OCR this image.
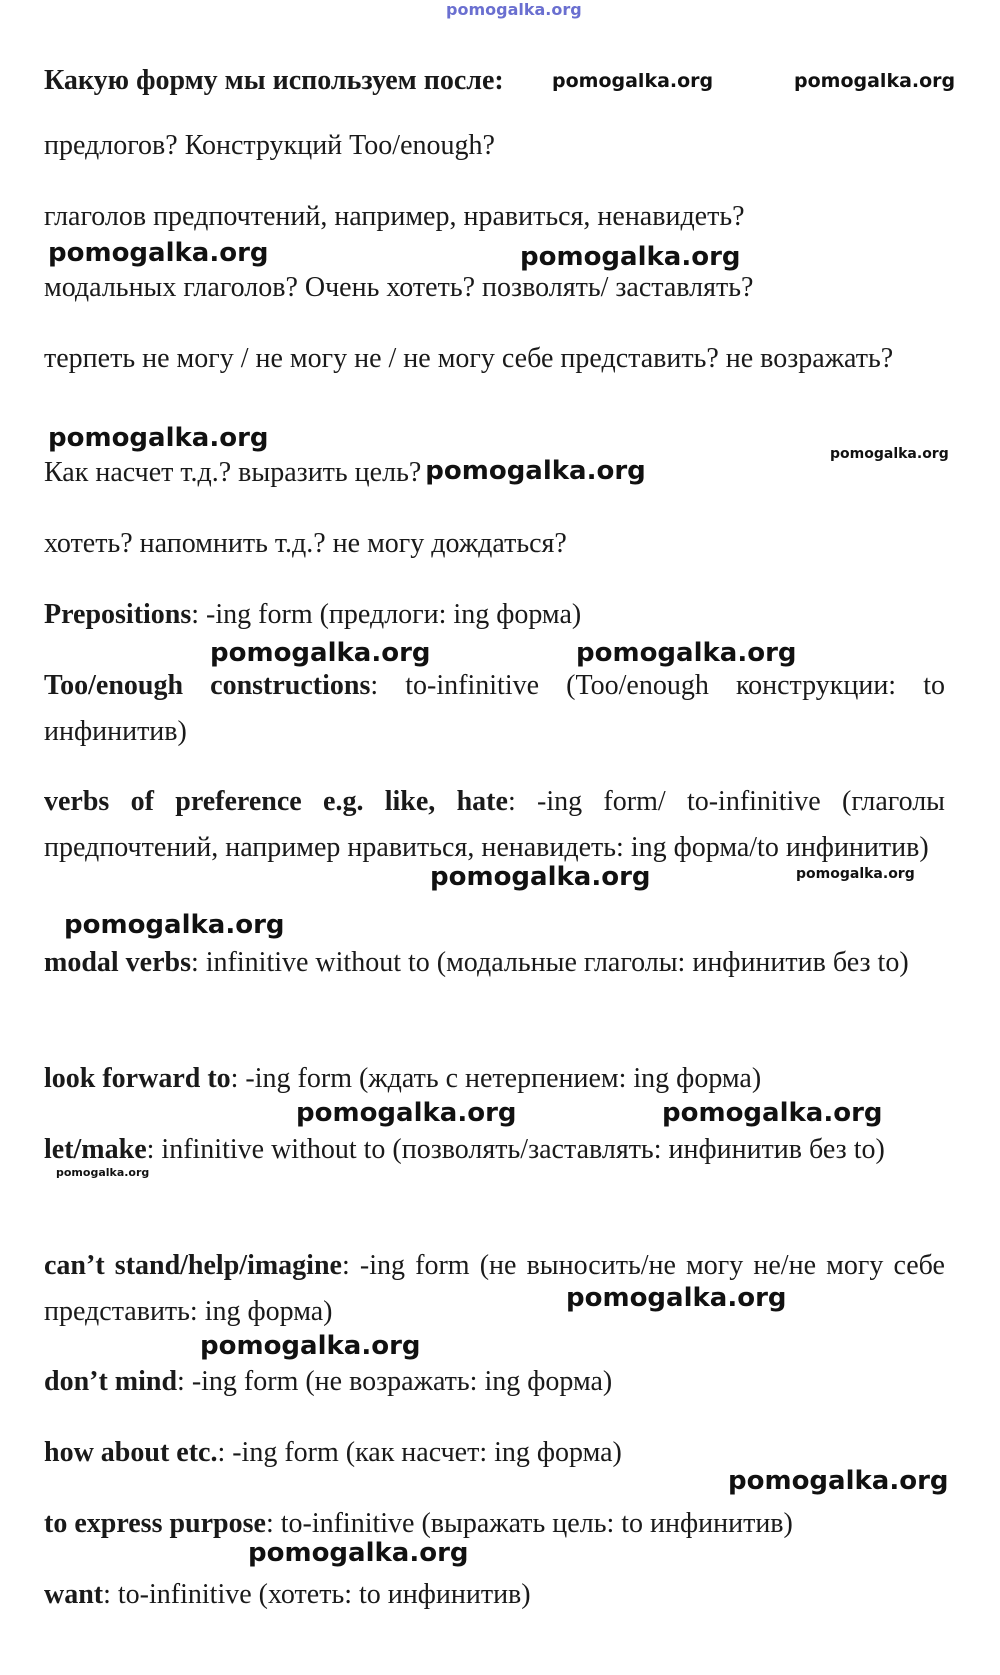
pomogalka.org
Какую форму мы используем после:	pomogalka.org	pomogalka.org
предлогов? Конструкций Too/enough?
глаголов предпочтений, например, нравиться, ненавидеть?
pomogalka.org	pomogalka.org
модальных глаголов? Очень хотеть? позволять/ заставлять?
терпеть не могу / не могу не / не могу себе представить? не возражать?
pomogalka.org
pomogalka.org
Как насчет т.д.? выразить цель? pomogalka.org
хотеть? напомнить т.д.? не могу дождаться?
Prepositions: -ing form (предлоги: ing форма)
pomogalka.org	pomogalka.org
Too/enough constructions: to-infinitive (Too/enough конструкции: to инфинитив)
verbs of preference e.g. like, hate: -ing form/ to-infinitive (глаголы предпочтений, например нравиться, ненавидеть: ing форма/to инфинитив)
pomogalka.org	pomogalka.org
pomogalka.org
modal verbs: infinitive without to (модальные глаголы: инфинитив без to)
look forward to: -ing form (ждать с нетерпением: ing форма)
pomogalka.org	pomogalka.org
let/make: infinitive without to (позволять/заставлять: инфинитив без to)
pomogalka.org
can’t stand/help/imagine: -ing form (не выносить/не могу не/не могу себе представить: ing форма)	pomogalka.org
pomogalka.org
don’t mind: -ing form (не возражать: ing форма)
how about etc.: -ing form (как насчет: ing форма)
pomogalka.org
to express purpose: to-infinitive (выражать цель: to инфинитив)
pomogalka.org
want: to-infinitive (хотеть: to инфинитив)
